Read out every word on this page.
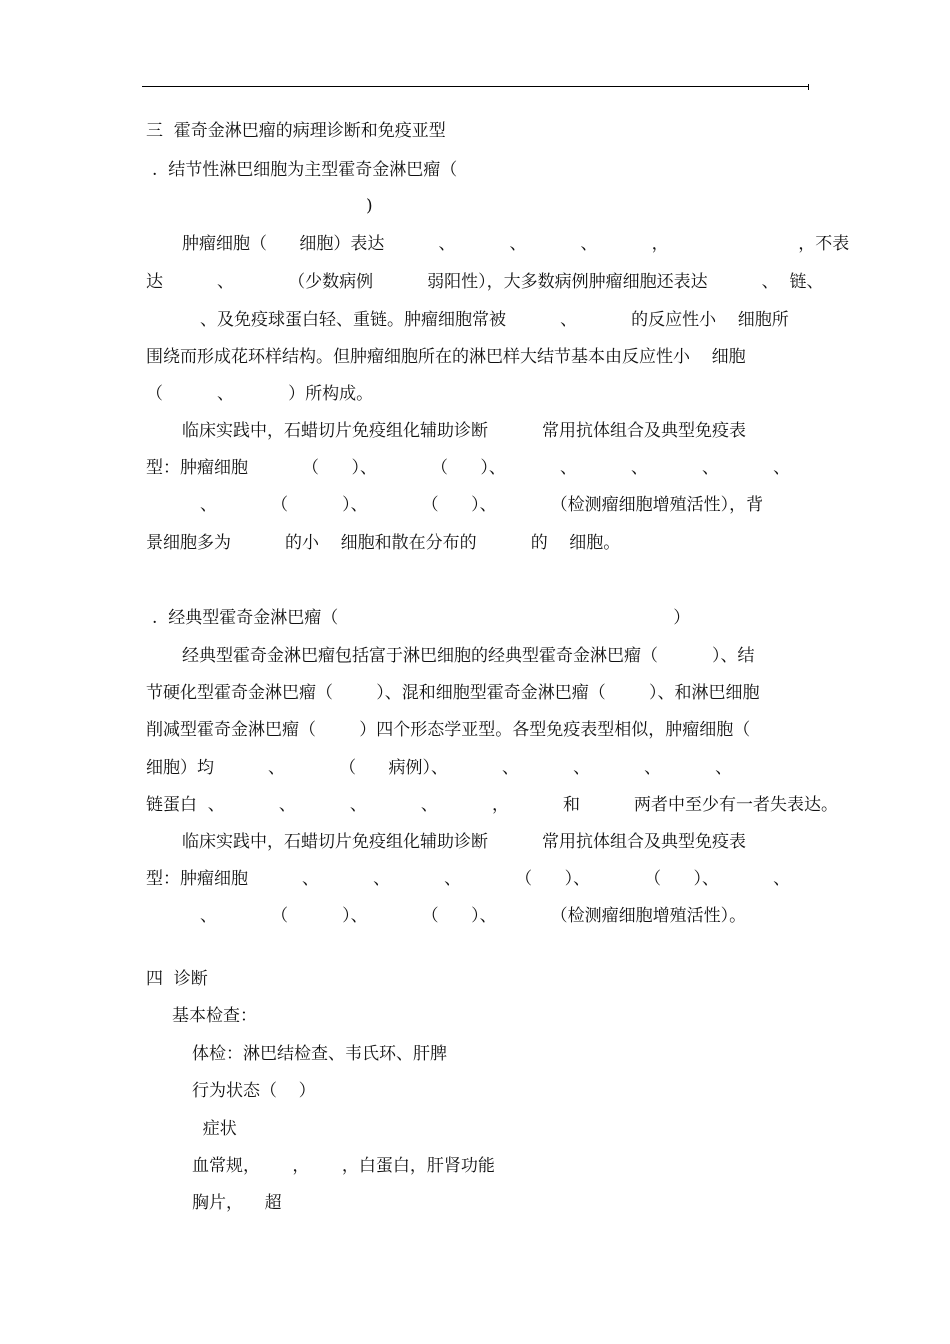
三  霍奇金淋巴瘤的病理诊断和免疫亚型
.  结节性淋巴细胞为主型霍奇金淋巴瘤（
)
肿瘤细胞（      细胞）表达          、          、          、          ，                        ，不表
达          、          （少数病例          弱阳性），大多数病例肿瘤细胞还表达          、  链、
、及免疫球蛋白轻、重链。肿瘤细胞常被          、          的反应性小    细胞所
围绕而形成花环样结构。但肿瘤细胞所在的淋巴样大结节基本由反应性小    细胞
（          、          ）所构成。
临床实践中，石蜡切片免疫组化辅助诊断          常用抗体组合及典型免疫表
型：肿瘤细胞          （      ）、          （      ）、          、          、          、          、
、          （          ）、          （      ）、          （检测瘤细胞增殖活性），背
景细胞多为          的小    细胞和散在分布的          的    细胞。
.  经典型霍奇金淋巴瘤（                                                              ）
经典型霍奇金淋巴瘤包括富于淋巴细胞的经典型霍奇金淋巴瘤（          ）、结
节硬化型霍奇金淋巴瘤（        ）、混和细胞型霍奇金淋巴瘤（        ）、和淋巴细胞
削减型霍奇金淋巴瘤（        ）四个形态学亚型。各型免疫表型相似，肿瘤细胞（
细胞）均          、          （      病例）、          、          、          、          、
链蛋白  、          、          、          、          ，          和          两者中至少有一者失表达。
临床实践中，石蜡切片免疫组化辅助诊断          常用抗体组合及典型免疫表
型：肿瘤细胞          、          、          、          （      ）、          （      ）、          、
、          （          ）、          （      ）、          （检测瘤细胞增殖活性）。
四  诊断
基本检查：
体检：淋巴结检查、韦氏环、肝脾
行为状态（    ）
症状
血常规，      ，      ，白蛋白，肝肾功能
胸片，    超
